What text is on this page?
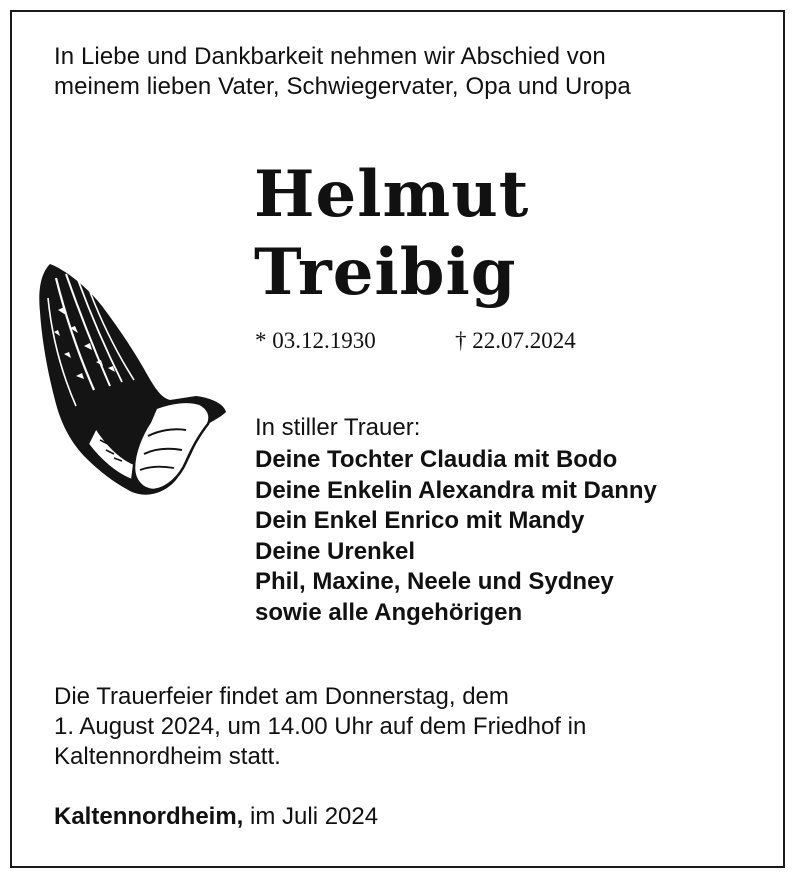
In Liebe und Dankbarkeit nehmen wir Abschied von
meinem lieben Vater, Schwiegervater, Opa und Uropa
Helmut
Treibig
* 03.12.1930	† 22.07.2024
In stiller Trauer:
Deine Tochter Claudia mit Bodo
Deine Enkelin Alexandra mit Danny
Dein Enkel Enrico mit Mandy
Deine Urenkel
Phil, Maxine, Neele und Sydney
sowie alle Angehörigen
Die Trauerfeier findet am Donnerstag, dem
1. August 2024, um 14.00 Uhr auf dem Friedhof in
Kaltennordheim statt.
Kaltennordheim, im Juli 2024
